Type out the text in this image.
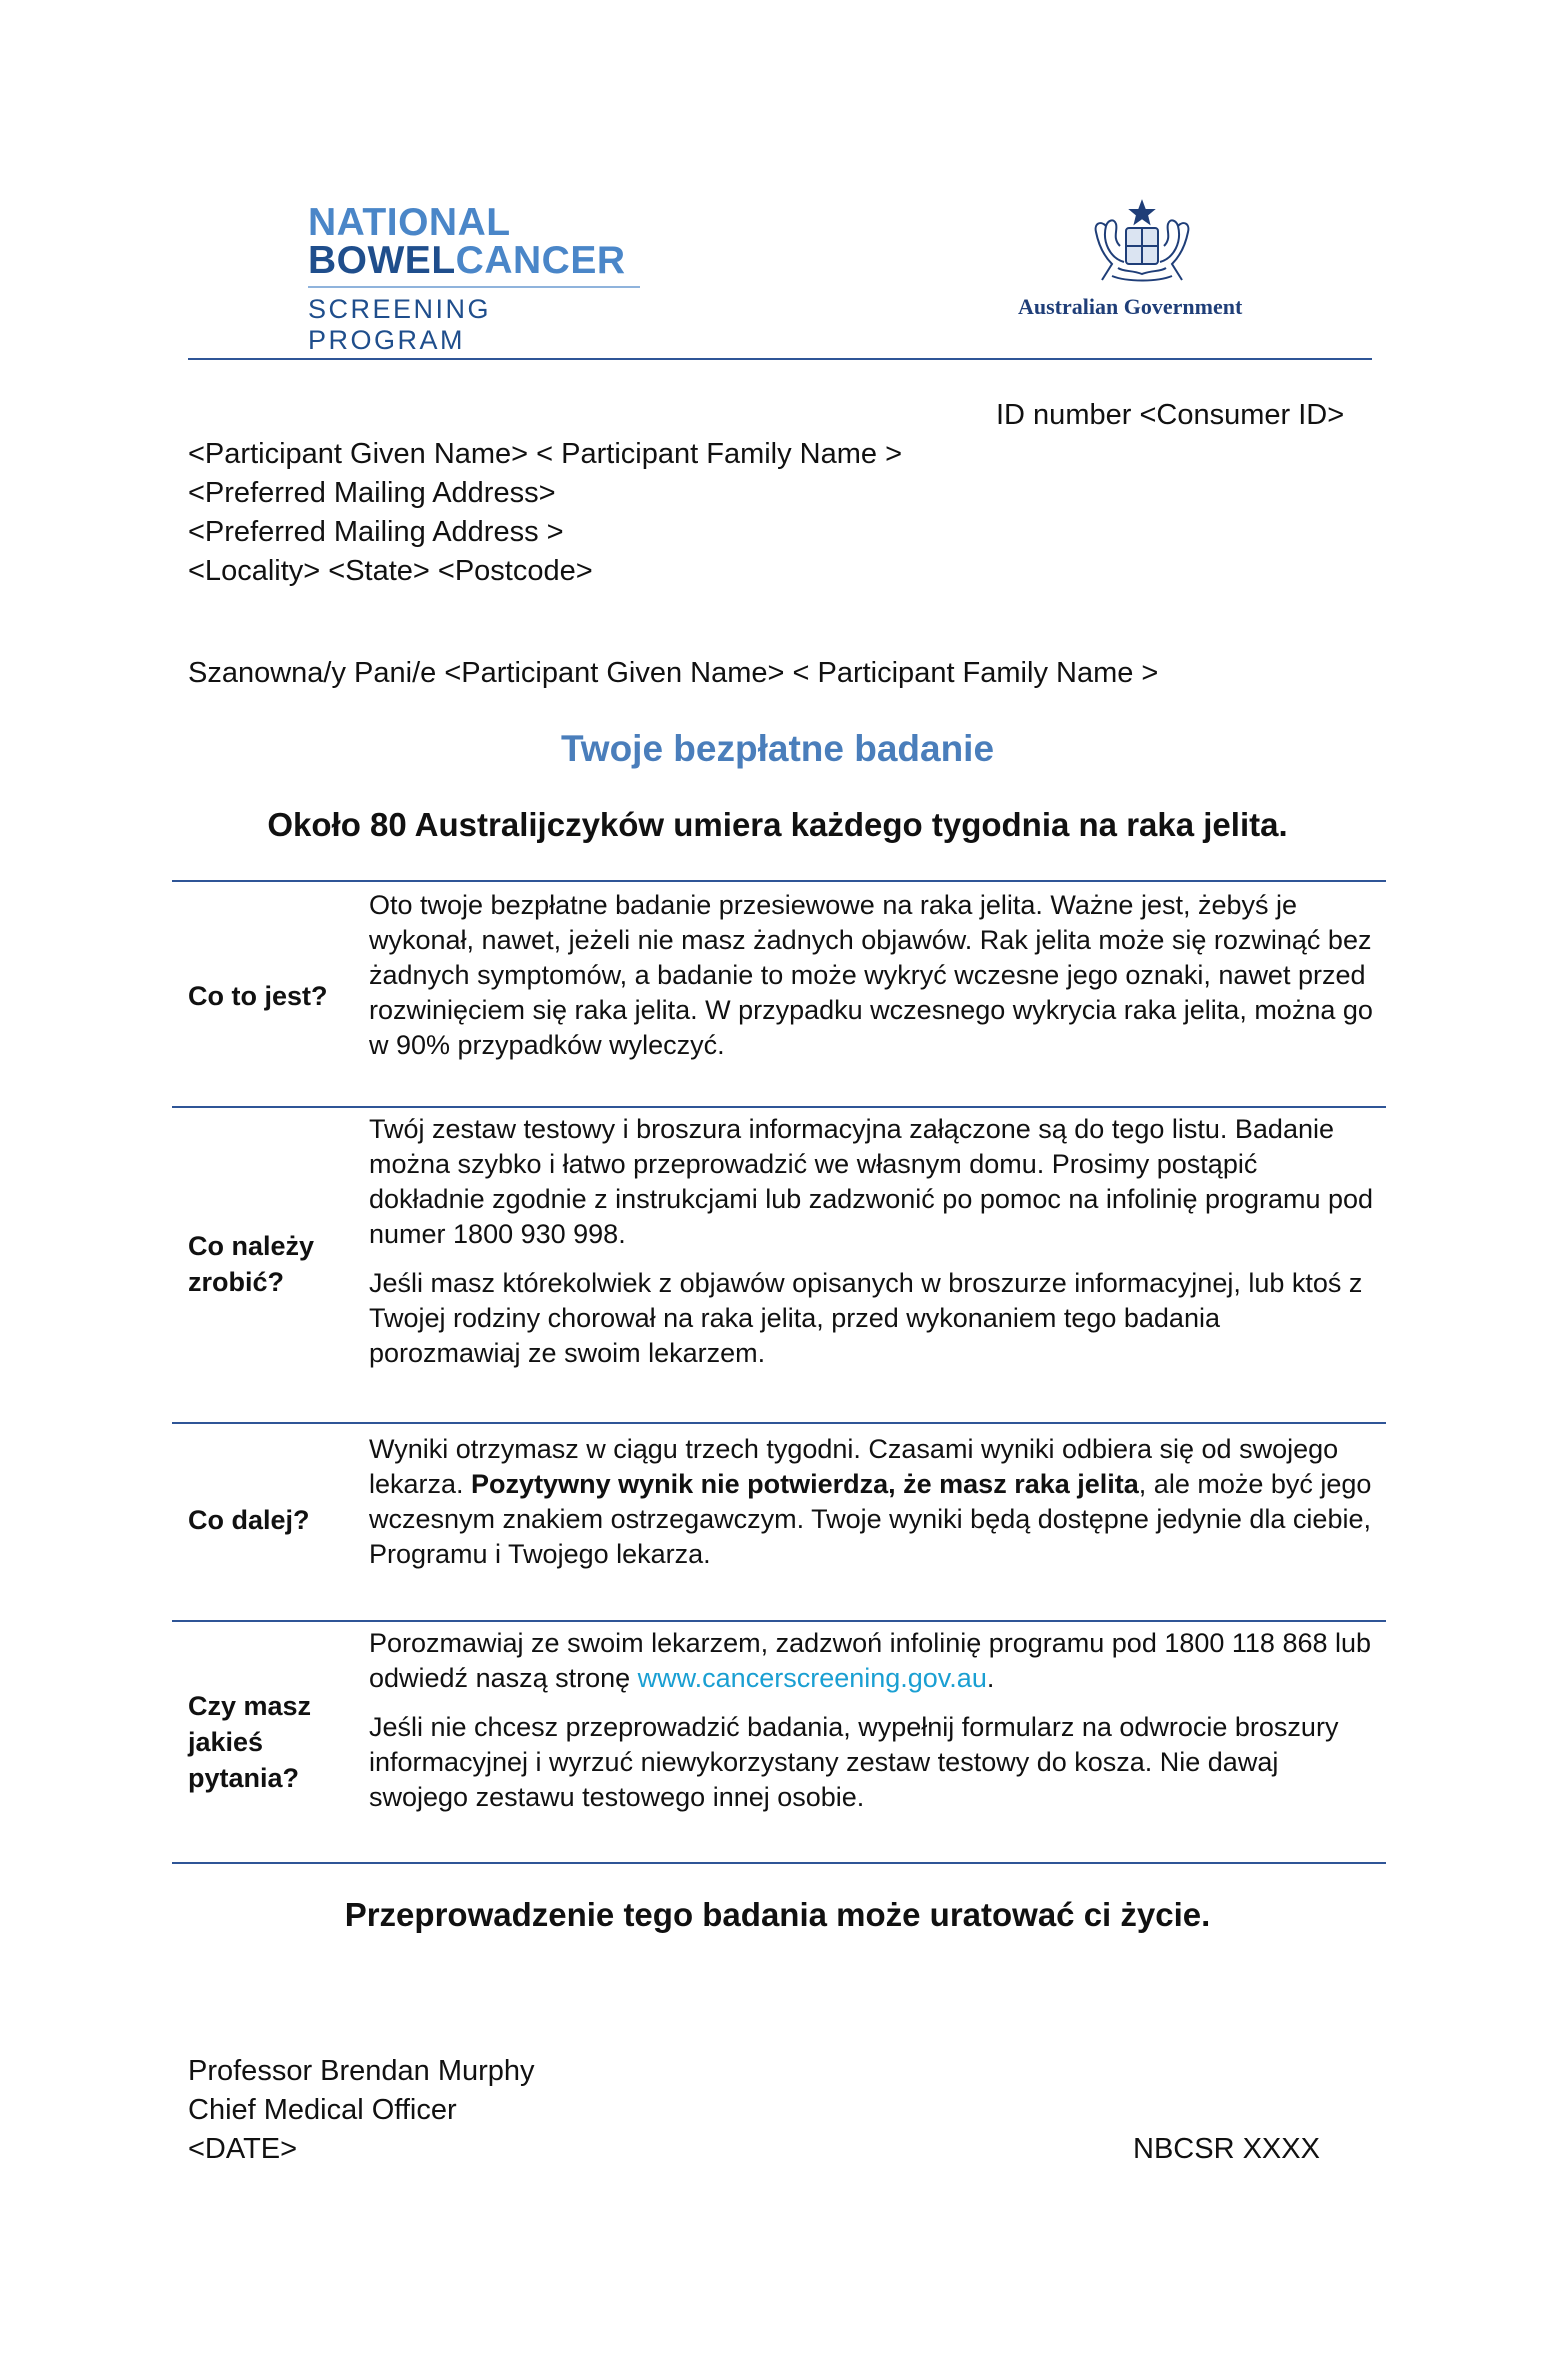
NATIONAL
BOWELCANCER
SCREENING PROGRAM
Australian Government
ID number <Consumer ID>
<Participant Given Name> < Participant Family Name >
<Preferred Mailing Address>
<Preferred Mailing Address >
<Locality> <State> <Postcode>
Szanowna/y Pani/e <Participant Given Name> < Participant Family Name >
Twoje bezpłatne badanie
Około 80 Australijczyków umiera każdego tygodnia na raka jelita.
Co to jest?

Oto twoje bezpłatne badanie przesiewowe na raka jelita. Ważne jest, żebyś je wykonał, nawet, jeżeli nie masz żadnych objawów. Rak jelita może się rozwinąć bez żadnych symptomów, a badanie to może wykryć wczesne jego oznaki, nawet przed rozwinięciem się raka jelita. W przypadku wczesnego wykrycia raka jelita, można go w 90% przypadków wyleczyć.

Co należy zrobić?

Twój zestaw testowy i broszura informacyjna załączone są do tego listu. Badanie można szybko i łatwo przeprowadzić we własnym domu. Prosimy postąpić dokładnie zgodnie z instrukcjami lub zadzwonić po pomoc na infolinię programu pod numer 1800 930 998.

Jeśli masz którekolwiek z objawów opisanych w broszurze informacyjnej, lub ktoś z Twojej rodziny chorował na raka jelita, przed wykonaniem tego badania porozmawiaj ze swoim lekarzem.

Co dalej?

Wyniki otrzymasz w ciągu trzech tygodni. Czasami wyniki odbiera się od swojego lekarza. Pozytywny wynik nie potwierdza, że masz raka jelita, ale może być jego wczesnym znakiem ostrzegawczym. Twoje wyniki będą dostępne jedynie dla ciebie, Programu i Twojego lekarza.

Czy masz jakieś pytania?

Porozmawiaj ze swoim lekarzem, zadzwoń infolinię programu pod 1800 118 868 lub odwiedź naszą stronę www.cancerscreening.gov.au.

Jeśli nie chcesz przeprowadzić badania, wypełnij formularz na odwrocie broszury informacyjnej i wyrzuć niewykorzystany zestaw testowy do kosza. Nie dawaj swojego zestawu testowego innej osobie.

Przeprowadzenie tego badania może uratować ci życie.
Professor Brendan Murphy
Chief Medical Officer
<DATE>	NBCSR XXXX
